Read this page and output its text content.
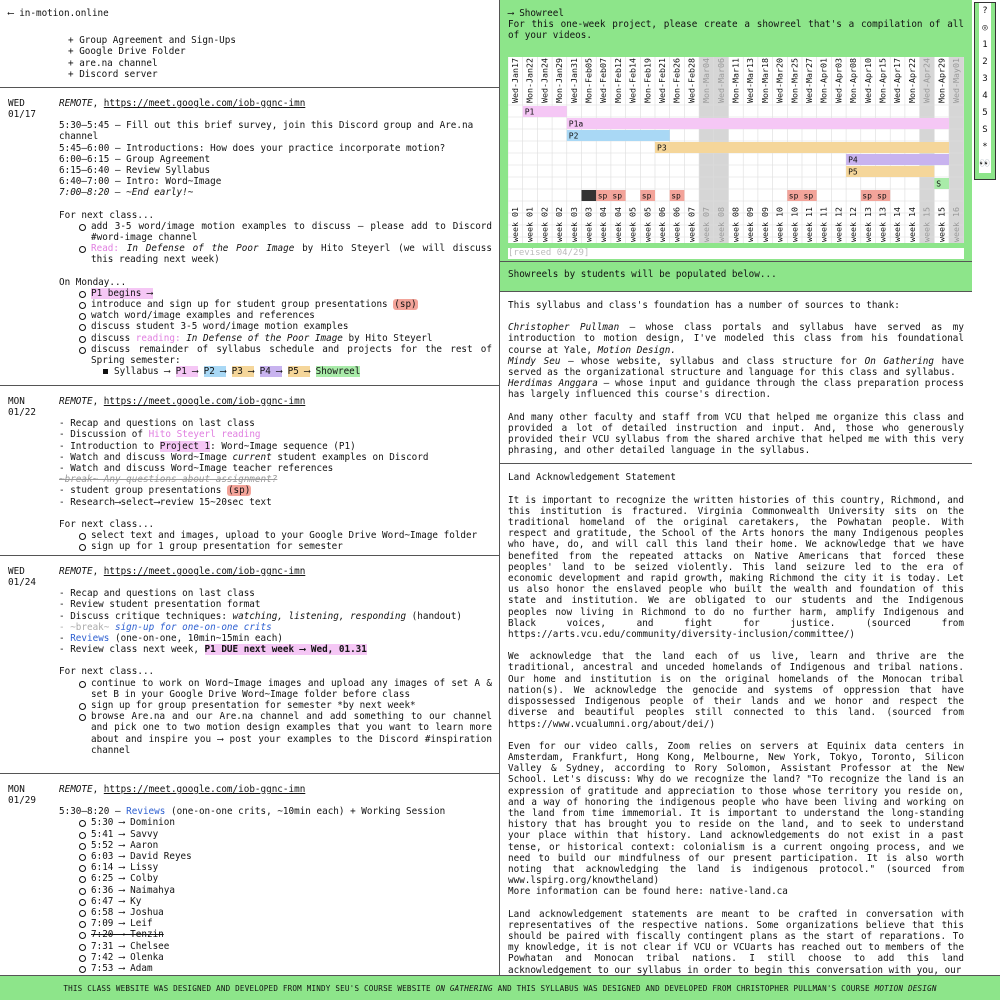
⟵ in-motion.online
+ Group Agreement and Sign-Ups
+ Google Drive Folder
+ are.na channel
+ Discord server
WED
01/17

REMOTE, https://meet.google.com/iob-ggnc-imn

5:30–5:45 – Fill out this brief survey, join this Discord group and Are.na channel
5:45–6:00 – Introductions: How does your practice incorporate motion?
6:00–6:15 – Group Agreement
6:15–6:40 – Review Syllabus
6:40–7:00 – Intro: Word~Image
7:00–8:20 – ~End early!~
For next class...
add 3-5 word/image motion examples to discuss – please add to Discord #word-image channel
Read: In Defense of the Poor Image by Hito Steyerl (we will discuss this reading next week)
On Monday...
P1 begins ⟶
introduce and sign up for student group presentations (sp)
watch word/image examples and references
discuss student 3-5 word/image motion examples
discuss reading: In Defense of the Poor Image by Hito Steyerl
discuss remainder of syllabus schedule and projects for the rest of Spring semester:
Syllabus ⟶ P1 ⟶ P2 ⟶ P3 ⟶ P4 ⟶ P5 ⟶ Showreel
MON
01/22

REMOTE, https://meet.google.com/iob-ggnc-imn

- Recap and questions on last class
- Discussion of Hito Steyerl reading
- Introduction to Project 1: Word~Image sequence (P1)
- Watch and discuss Word~Image current student examples on Discord
- Watch and discuss Word~Image teacher references
~break~ Any questions about assignment?
- student group presentations (sp)
- Research⟶select⟶review 15~20sec text
For next class...
select text and images, upload to your Google Drive Word~Image folder
sign up for 1 group presentation for semester
WED
01/24

REMOTE, https://meet.google.com/iob-ggnc-imn

- Recap and questions on last class
- Review student presentation format
- Discuss critique techniques: watching, listening, responding (handout)
- ~break~ sign-up for one-on-one crits
- Reviews (one-on-one, 10min~15min each)
- Review class next week, P1 DUE next week ⟶ Wed, 01.31
For next class...
continue to work on Word~Image images and upload any images of set A & set B in your Google Drive Word~Image folder before class
sign up for group presentation for semester *by next week*
browse Are.na and our Are.na channel and add something to our channel and pick one to two motion design examples that you want to learn more about and inspire you ⟶ post your examples to the Discord #inspiration channel
MON
01/29

REMOTE, https://meet.google.com/iob-ggnc-imn

5:30–8:20 – Reviews (one-on-one crits, ~10min each) + Working Session
5:30 ⟶ Dominion
5:41 ⟶ Savvy
5:52 ⟶ Aaron
6:03 ⟶ David Reyes
6:14 ⟶ Lissy
6:25 ⟶ Colby
6:36 ⟶ Naimahya
6:47 ⟶ Ky
6:58 ⟶ Joshua
7:09 ⟶ Leif
7:20 ⟶ Tenzin
7:31 ⟶ Chelsee
7:42 ⟶ Olenka
7:53 ⟶ Adam
⟶ Showreel
For this one-week project, please create a showreel that's a compilation of all of your videos.
Wed-Jan17 Mon-Jan22 Wed-Jan24 Mon-Jan29 Wed-Jan31 Mon-Feb05 Wed-Feb07 Mon-Feb12 Wed-Feb14 Mon-Feb19 Wed-Feb21 Mon-Feb26 Wed-Feb28 Mon-Mar04 Wed-Mar06 Mon-Mar11 Wed-Mar13 Mon-Mar18 Wed-Mar20 Mon-Mar25 Wed-Mar27 Mon-Apr01 Wed-Apr03 Mon-Apr08 Wed-Apr10 Mon-Apr15 Wed-Apr17 Mon-Apr22 Wed-Apr24 Mon-Apr29 Wed-May01
P1
P1a
P2
P3
P4
P5
S
sp sp sp sp	sp sp	sp sp
week 01 week 01 week 02 week 02 week 03 week 03 week 04 week 04 week 05 week 05 week 06 week 06 week 07 week 07 week 08 week 08 week 09 week 09 week 10 week 10 week 11 week 11 week 12 week 12 week 13 week 13 week 14 week 14 week 15 week 15 week 16
[revised 04/29]
Showreels by students will be populated below...
This syllabus and class's foundation has a number of sources to thank:
Christopher Pullman – whose class portals and syllabus have served as my introduction to motion design, I've modeled this class from his foundational course at Yale, Motion Design.
Mindy Seu – whose website, syllabus and class structure for On Gathering have served as the organizational structure and language for this class and syllabus.
Herdimas Anggara – whose input and guidance through the class preparation process has largely influenced this course's direction.
And many other faculty and staff from VCU that helped me organize this class and provided a lot of detailed instruction and input. And, those who generously provided their VCU syllabus from the shared archive that helped me with this very phrasing, and other detailed language in the syllabus.
Land Acknowledgement Statement
It is important to recognize the written histories of this country, Richmond, and this institution is fractured. Virginia Commonwealth University sits on the traditional homeland of the original caretakers, the Powhatan people. With respect and gratitude, the School of the Arts honors the many Indigenous peoples who have, do, and will call this land their home. We acknowledge that we have benefited from the repeated attacks on Native Americans that forced these peoples' land to be seized violently. This land seizure led to the era of economic development and rapid growth, making Richmond the city it is today. Let us also honor the enslaved people who built the wealth and foundation of this state and institution. We are obligated to our students and the Indigenous peoples now living in Richmond to do no further harm, amplify Indigenous and Black voices, and fight for justice. (sourced from https://arts.vcu.edu/community/diversity-inclusion/committee/)
We acknowledge that the land each of us live, learn and thrive are the traditional, ancestral and unceded homelands of Indigenous and tribal nations. Our home and institution is on the original homelands of the Monocan tribal nation(s). We acknowledge the genocide and systems of oppression that have dispossessed Indigenous people of their lands and we honor and respect the diverse and beautiful peoples still connected to this land. (sourced from https://www.vcualumni.org/about/dei/)
Even for our video calls, Zoom relies on servers at Equinix data centers in Amsterdam, Frankfurt, Hong Kong, Melbourne, New York, Tokyo, Toronto, Silicon Valley & Sydney, according to Rory Solomon, Assistant Professor at the New School. Let's discuss: Why do we recognize the land? "To recognize the land is an expression of gratitude and appreciation to those whose territory you reside on, and a way of honoring the indigenous people who have been living and working on the land from time immemorial. It is important to understand the long-standing history that has brought you to reside on the land, and to seek to understand your place within that history. Land acknowledgements do not exist in a past tense, or historical context: colonialism is a current ongoing process, and we need to build our mindfulness of our present participation. It is also worth noting that acknowledging the land is indigenous protocol." (sourced from www.lspirg.org/knowtheland)
More information can be found here: native-land.ca
Land acknowledgement statements are meant to be crafted in conversation with representatives of the respective nations. Some organizations believe that this should be paired with fiscally contingent plans as the start of reparations. To my knowledge, it is not clear if VCU or VCUarts has reached out to members of the Powhatan and Monocan tribal nations. I still choose to add this land acknowledgement to our syllabus in order to begin this conversation with you, our
?
◎
1
2
3
4
5
S
*
👀
THIS CLASS WEBSITE WAS DESIGNED AND DEVELOPED FROM MINDY SEU'S COURSE WEBSITE ON GATHERING AND THIS SYLLABUS WAS DESIGNED AND DEVELOPED FROM CHRISTOPHER PULLMAN'S COURSE MOTION DESIGN
